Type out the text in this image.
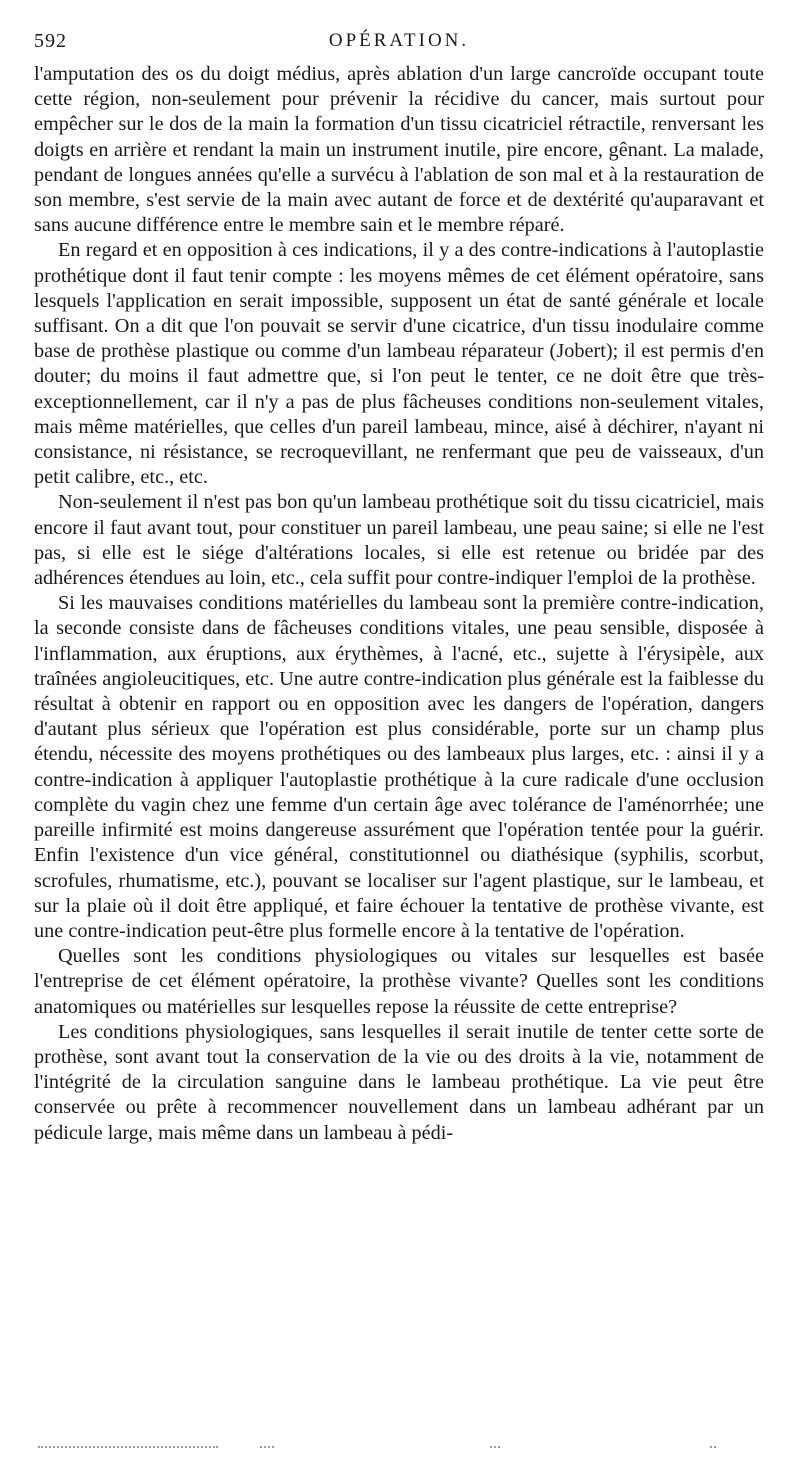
592	OPÉRATION.

l'amputation des os du doigt médius, après ablation d'un large cancroïde occupant toute cette région, non-seulement pour prévenir la récidive du cancer, mais surtout pour empêcher sur le dos de la main la formation d'un tissu cicatriciel rétractile, renversant les doigts en arrière et rendant la main un instrument inutile, pire encore, gênant. La malade, pendant de longues années qu'elle a survécu à l'ablation de son mal et à la restauration de son membre, s'est servie de la main avec autant de force et de dextérité qu'auparavant et sans aucune différence entre le membre sain et le membre réparé.

En regard et en opposition à ces indications, il y a des contre-indications à l'autoplastie prothétique dont il faut tenir compte : les moyens mêmes de cet élément opératoire, sans lesquels l'application en serait impossible, supposent un état de santé générale et locale suffisant. On a dit que l'on pouvait se servir d'une cicatrice, d'un tissu inodulaire comme base de prothèse plastique ou comme d'un lambeau réparateur (Jobert); il est permis d'en douter; du moins il faut admettre que, si l'on peut le tenter, ce ne doit être que très-exceptionnellement, car il n'y a pas de plus fâcheuses conditions non-seulement vitales, mais même matérielles, que celles d'un pareil lambeau, mince, aisé à déchirer, n'ayant ni consistance, ni résistance, se recroquevillant, ne renfermant que peu de vaisseaux, d'un petit calibre, etc., etc.

Non-seulement il n'est pas bon qu'un lambeau prothétique soit du tissu cicatriciel, mais encore il faut avant tout, pour constituer un pareil lambeau, une peau saine; si elle ne l'est pas, si elle est le siége d'altérations locales, si elle est retenue ou bridée par des adhérences étendues au loin, etc., cela suffit pour contre-indiquer l'emploi de la prothèse.

Si les mauvaises conditions matérielles du lambeau sont la première contre-indication, la seconde consiste dans de fâcheuses conditions vitales, une peau sensible, disposée à l'inflammation, aux éruptions, aux érythèmes, à l'acné, etc., sujette à l'érysipèle, aux traînées angioleucitiques, etc. Une autre contre-indication plus générale est la faiblesse du résultat à obtenir en rapport ou en opposition avec les dangers de l'opération, dangers d'autant plus sérieux que l'opération est plus considérable, porte sur un champ plus étendu, nécessite des moyens prothétiques ou des lambeaux plus larges, etc. : ainsi il y a contre-indication à appliquer l'autoplastie prothétique à la cure radicale d'une occlusion complète du vagin chez une femme d'un certain âge avec tolérance de l'aménorrhée; une pareille infirmité est moins dangereuse assurément que l'opération tentée pour la guérir. Enfin l'existence d'un vice général, constitutionnel ou diathésique (syphilis, scorbut, scrofules, rhumatisme, etc.), pouvant se localiser sur l'agent plastique, sur le lambeau, et sur la plaie où il doit être appliqué, et faire échouer la tentative de prothèse vivante, est une contre-indication peut-être plus formelle encore à la tentative de l'opération.

Quelles sont les conditions physiologiques ou vitales sur lesquelles est basée l'entreprise de cet élément opératoire, la prothèse vivante? Quelles sont les conditions anatomiques ou matérielles sur lesquelles repose la réussite de cette entreprise?

Les conditions physiologiques, sans lesquelles il serait inutile de tenter cette sorte de prothèse, sont avant tout la conservation de la vie ou des droits à la vie, notamment de l'intégrité de la circulation sanguine dans le lambeau prothétique. La vie peut être conservée ou prête à recommencer nouvellement dans un lambeau adhérant par un pédicule large, mais même dans un lambeau à pédi-
